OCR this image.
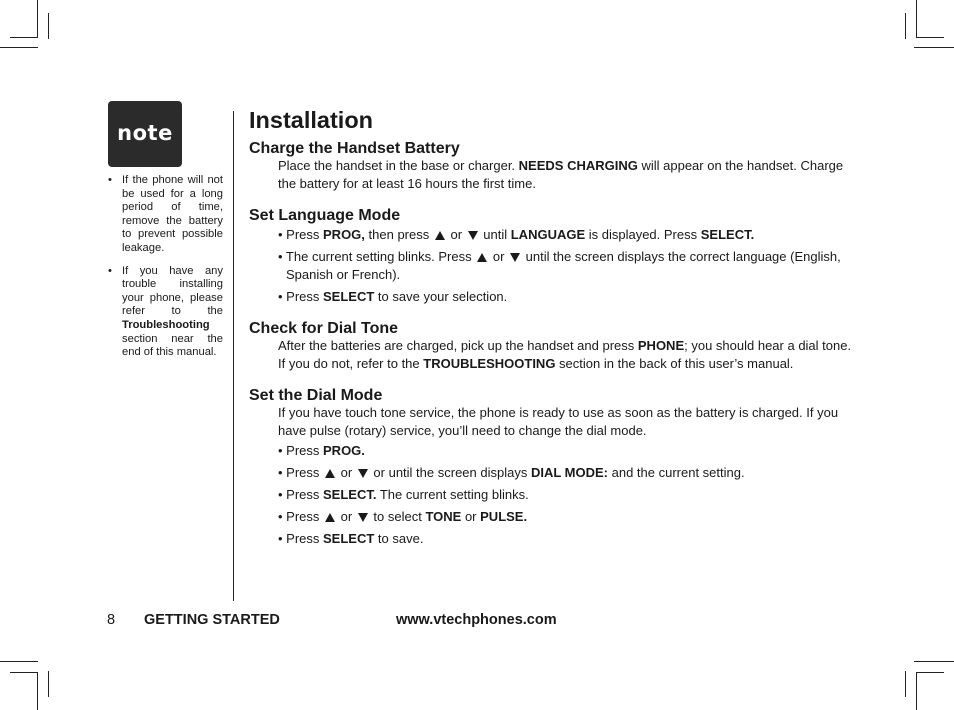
note
• If the phone will not be used for a long period of time, remove the battery to prevent possible leakage.
• If you have any trouble installing your phone, please refer to the Troubleshooting section near the end of this manual.
Installation
Charge the Handset Battery

Place the handset in the base or charger. NEEDS CHARGING will appear on the handset. Charge the battery for at least 16 hours the first time.

Set Language Mode

• Press PROG, then press  or  until LANGUAGE is displayed. Press SELECT.

• The current setting blinks. Press  or  until the screen displays the correct language (English, Spanish or French).

• Press SELECT to save your selection.

Check for Dial Tone

After the batteries are charged, pick up the handset and press PHONE; you should hear a dial tone. If you do not, refer to the TROUBLESHOOTING section in the back of this user’s manual.

Set the Dial Mode

If you have touch tone service, the phone is ready to use as soon as the battery is charged. If you have pulse (rotary) service, you’ll need to change the dial mode.

• Press PROG.

• Press  or  or until the screen displays DIAL MODE: and the current setting.

• Press SELECT. The current setting blinks.

• Press  or  to select TONE or PULSE.

• Press SELECT to save.

8 GETTING STARTED	www.vtechphones.com
